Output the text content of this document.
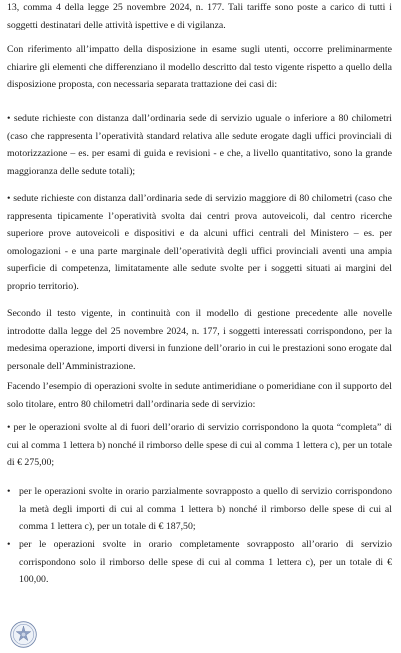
13, comma 4 della legge 25 novembre 2024, n. 177. Tali tariffe sono poste a carico di tutti i soggetti destinatari delle attività ispettive e di vigilanza.

Con riferimento all’impatto della disposizione in esame sugli utenti, occorre preliminarmente chiarire gli elementi che differenziano il modello descritto dal testo vigente rispetto a quello della disposizione proposta, con necessaria separata trattazione dei casi di:

• sedute richieste con distanza dall’ordinaria sede di servizio uguale o inferiore a 80 chilometri (caso che rappresenta l’operatività standard relativa alle sedute erogate dagli uffici provinciali di motorizzazione – es. per esami di guida e revisioni - e che, a livello quantitativo, sono la grande maggioranza delle sedute totali);

• sedute richieste con distanza dall’ordinaria sede di servizio maggiore di 80 chilometri (caso che rappresenta tipicamente l’operatività svolta dai centri prova autoveicoli, dal centro ricerche superiore prove autoveicoli e dispositivi e da alcuni uffici centrali del Ministero – es. per omologazioni - e una parte marginale dell’operatività degli uffici provinciali aventi una ampia superficie di competenza, limitatamente alle sedute svolte per i soggetti situati ai margini del proprio territorio).

Secondo il testo vigente, in continuità con il modello di gestione precedente alle novelle introdotte dalla legge del 25 novembre 2024, n. 177, i soggetti interessati corrispondono, per la medesima operazione, importi diversi in funzione dell’orario in cui le prestazioni sono erogate dal personale dell’Amministrazione.

Facendo l’esempio di operazioni svolte in sedute antimeridiane o pomeridiane con il supporto del solo titolare, entro 80 chilometri dall’ordinaria sede di servizio:

• per le operazioni svolte al di fuori dell’orario di servizio corrispondono la quota “completa” di cui al comma 1 lettera b) nonché il rimborso delle spese di cui al comma 1 lettera c), per un totale di € 275,00;

• per le operazioni svolte in orario parzialmente sovrapposto a quello di servizio corrispondono la metà degli importi di cui al comma 1 lettera b) nonché il rimborso delle spese di cui al comma 1 lettera c), per un totale di € 187,50;

• per le operazioni svolte in orario completamente sovrapposto all’orario di servizio corrispondono solo il rimborso delle spese di cui al comma 1 lettera c), per un totale di € 100,00.
